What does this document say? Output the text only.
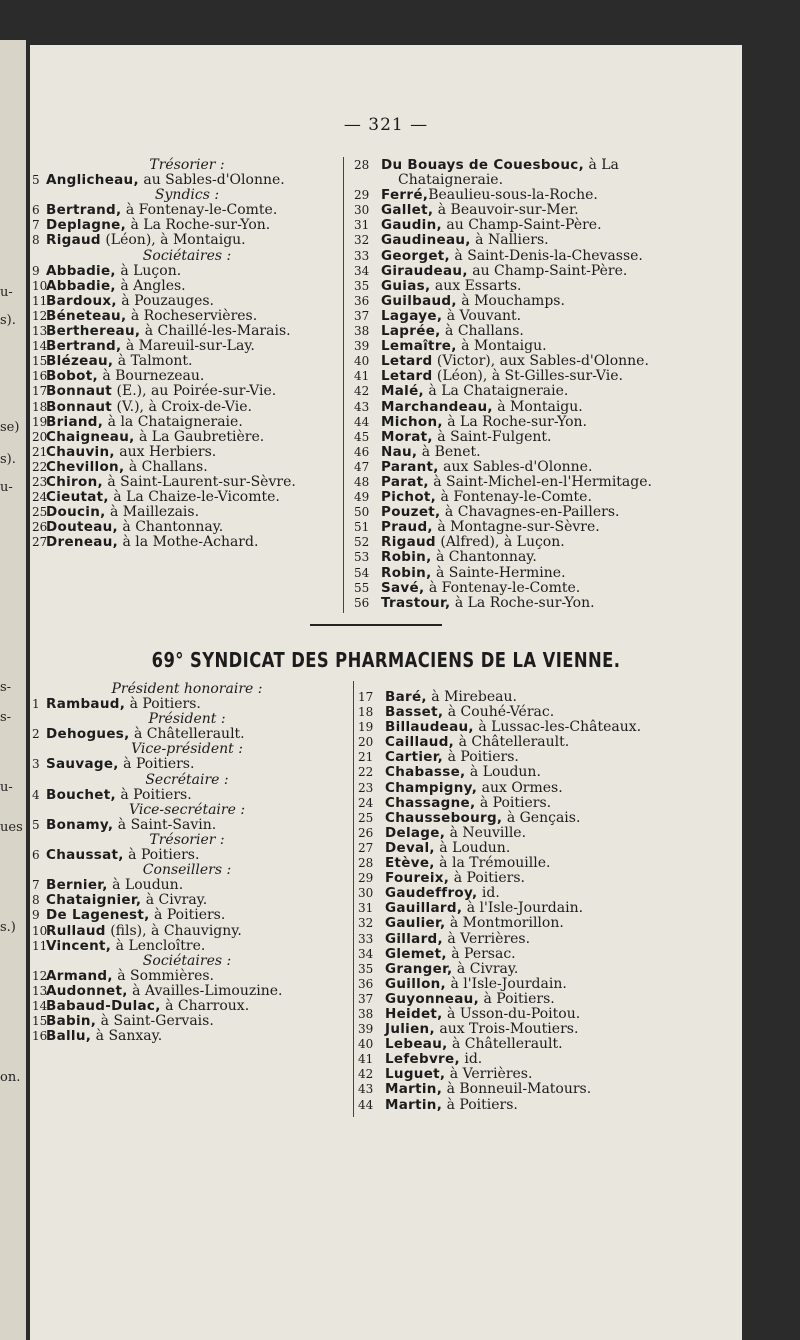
u-
s).
se)
s).
u-
s-
s-
u-
ues
s.)
on.
— 321 —
Trésorier :
5 Anglicheau, au Sables-d'Olonne.
Syndics :
6 Bertrand, à Fontenay-le-Comte.
7 Deplagne, à La Roche-sur-Yon.
8 Rigaud (Léon), à Montaigu.
Sociétaires :
9 Abbadie, à Luçon.
10
Abbadie, à Angles.
11
Bardoux, à Pouzauges.
12
Béneteau, à Rocheservières.
13
Berthereau, à Chaillé-les-Marais.
14
Bertrand, à Mareuil-sur-Lay.
15
Blézeau, à Talmont.
16
Bobot, à Bournezeau.
17
Bonnaut (E.), au Poirée-sur-Vie.
18
Bonnaut (V.), à Croix-de-Vie.
19
Briand, à la Chataigneraie.
20
Chaigneau, à La Gaubretière.
21
Chauvin, aux Herbiers.
22
Chevillon, à Challans.
23
Chiron, à Saint-Laurent-sur-Sèvre.
24
Cieutat, à La Chaize-le-Vicomte.
25
Doucin, à Maillezais.
26
Douteau, à Chantonnay.
27
Dreneau, à la Mothe-Achard.
28 Du Bouays de Couesbouc, à La
Chataigneraie.
29 Ferré,Beaulieu-sous-la-Roche.
30 Gallet, à Beauvoir-sur-Mer.
31 Gaudin, au Champ-Saint-Père.
32 Gaudineau, à Nalliers.
33 Georget, à Saint-Denis-la-Chevasse.
34 Giraudeau, au Champ-Saint-Père.
35 Guias, aux Essarts.
36 Guilbaud, à Mouchamps.
37 Lagaye, à Vouvant.
38 Laprée, à Challans.
39 Lemaître, à Montaigu.
40 Letard (Victor), aux Sables-d'Olonne.
41 Letard (Léon), à St-Gilles-sur-Vie.
42 Malé, à La Chataigneraie.
43 Marchandeau, à Montaigu.
44 Michon, à La Roche-sur-Yon.
45 Morat, à Saint-Fulgent.
46 Nau, à Benet.
47 Parant, aux Sables-d'Olonne.
48 Parat, à Saint-Michel-en-l'Hermitage.
49 Pichot, à Fontenay-le-Comte.
50 Pouzet, à Chavagnes-en-Paillers.
51 Praud, à Montagne-sur-Sèvre.
52 Rigaud (Alfred), à Luçon.
53 Robin, à Chantonnay.
54 Robin, à Sainte-Hermine.
55 Savé, à Fontenay-le-Comte.
56 Trastour, à La Roche-sur-Yon.
69° SYNDICAT DES PHARMACIENS DE LA VIENNE.
Président honoraire :
1 Rambaud, à Poitiers.
Président :
2 Dehogues, à Châtellerault.
Vice-président :
3 Sauvage, à Poitiers.
Secrétaire :
4 Bouchet, à Poitiers.
Vice-secrétaire :
5 Bonamy, à Saint-Savin.
Trésorier :
6 Chaussat, à Poitiers.
Conseillers :
7 Bernier, à Loudun.
8 Chataignier, à Civray.
9 De Lagenest, à Poitiers.
10
Rullaud (fils), à Chauvigny.
11
Vincent, à Lencloître.
Sociétaires :
12
Armand, à Sommières.
13
Audonnet, à Availles-Limouzine.
14
Babaud-Dulac, à Charroux.
15
Babin, à Saint-Gervais.
16
Ballu, à Sanxay.
17 Baré, à Mirebeau.
18 Basset, à Couhé-Vérac.
19 Billaudeau, à Lussac-les-Châteaux.
20 Caillaud, à Châtellerault.
21 Cartier, à Poitiers.
22 Chabasse, à Loudun.
23 Champigny, aux Ormes.
24 Chassagne, à Poitiers.
25 Chaussebourg, à Gençais.
26 Delage, à Neuville.
27 Deval, à Loudun.
28 Etève, à la Trémouille.
29 Foureix, à Poitiers.
30 Gaudeffroy, id.
31 Gauillard, à l'Isle-Jourdain.
32 Gaulier, à Montmorillon.
33 Gillard, à Verrières.
34 Glemet, à Persac.
35 Granger, à Civray.
36 Guillon, à l'Isle-Jourdain.
37 Guyonneau, à Poitiers.
38 Heidet, à Usson-du-Poitou.
39 Julien, aux Trois-Moutiers.
40 Lebeau, à Châtellerault.
41 Lefebvre, id.
42 Luguet, à Verrières.
43 Martin, à Bonneuil-Matours.
44 Martin, à Poitiers.
